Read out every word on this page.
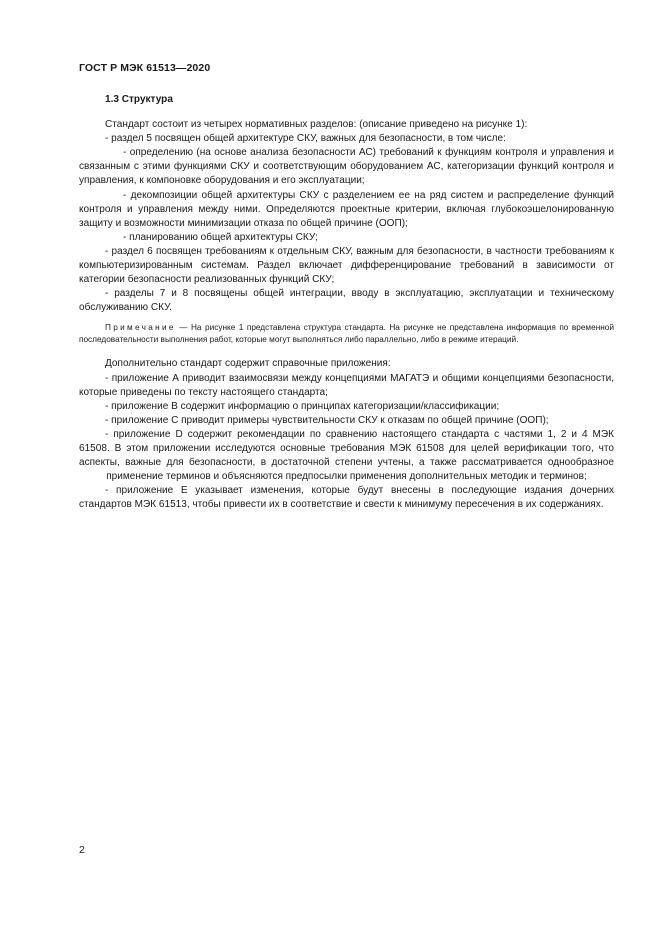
ГОСТ Р МЭК 61513—2020
1.3 Структура

Стандарт состоит из четырех нормативных разделов: (описание приведено на рисунке 1):

- раздел 5 посвящен общей архитектуре СКУ, важных для безопасности, в том числе:

- определению (на основе анализа безопасности АС) требований к функциям контроля и управления и связанным с этими функциями СКУ и соответствующим оборудованием АС, категоризации функций контроля и управления, к компоновке оборудования и его эксплуатации;

- декомпозиции общей архитектуры СКУ с разделением ее на ряд систем и распределение функций контроля и управления между ними. Определяются проектные критерии, включая глубокоэшелонированную защиту и возможности минимизации отказа по общей причине (ООП);

- планированию общей архитектуры СКУ;

- раздел 6 посвящен требованиям к отдельным СКУ, важным для безопасности, в частности требованиям к компьютеризированным системам. Раздел включает дифференцирование требований в зависимости от категории безопасности реализованных функций СКУ;

- разделы 7 и 8 посвящены общей интеграции, вводу в эксплуатацию, эксплуатации и техническому обслуживанию СКУ.

Примечание — На рисунке 1 представлена структура стандарта. На рисунке не представлена информация по временной последовательности выполнения работ, которые могут выполняться либо параллельно, либо в режиме итераций.

Дополнительно стандарт содержит справочные приложения:

- приложение А приводит взаимосвязи между концепциями МАГАТЭ и общими концепциями безопасности, которые приведены по тексту настоящего стандарта;

- приложение В содержит информацию о принципах категоризации/классификации;

- приложение С приводит примеры чувствительности СКУ к отказам по общей причине (ООП);

- приложение D содержит рекомендации по сравнению настоящего стандарта с частями 1, 2 и 4 МЭК 61508. В этом приложении исследуются основные требования МЭК 61508 для целей верификации того, что аспекты, важные для безопасности, в достаточной степени учтены, а также рассматривается однообразное применение терминов и объясняются предпосылки применения дополнительных методик и терминов;

- приложение Е указывает изменения, которые будут внесены в последующие издания дочерних стандартов МЭК 61513, чтобы привести их в соответствие и свести к минимуму пересечения в их содержаниях.

2
